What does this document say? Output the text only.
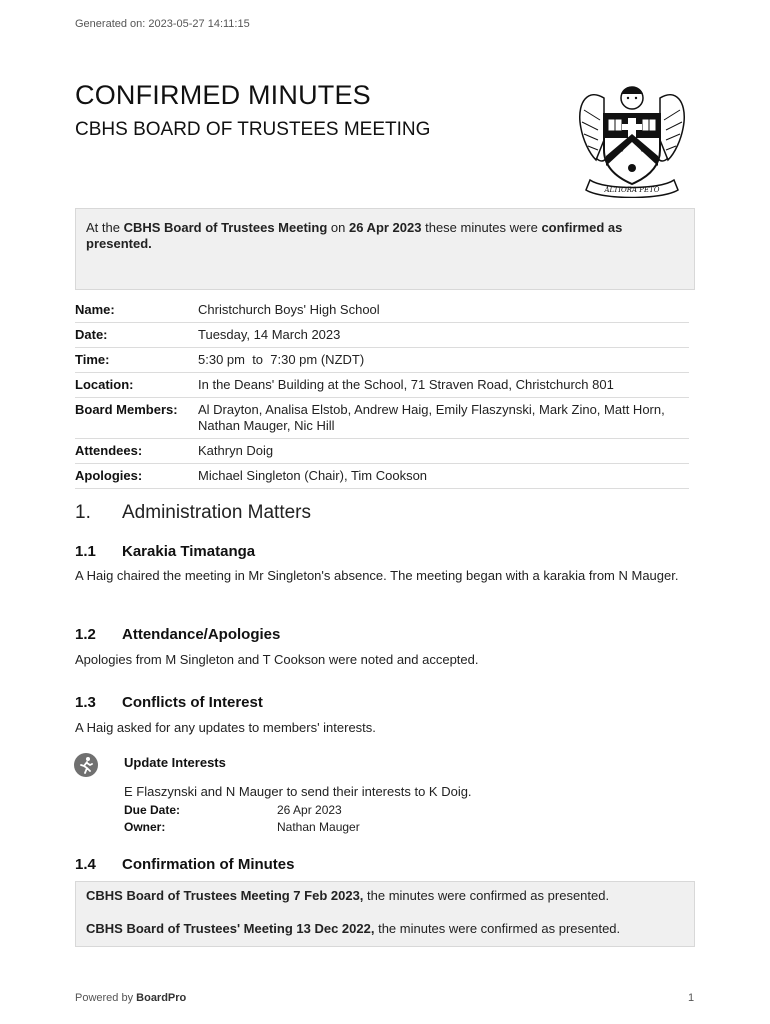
Generated on: 2023-05-27 14:11:15
CONFIRMED MINUTES
CBHS BOARD OF TRUSTEES MEETING
ALTIORA PETO
At the CBHS Board of Trustees Meeting on 26 Apr 2023 these minutes were confirmed as presented.
Name:	Christchurch Boys' High School
Date:	Tuesday, 14 March 2023
Time:	5:30 pm  to  7:30 pm (NZDT)
Location:	In the Deans' Building at the School, 71 Straven Road, Christchurch 801
Board Members:	Al Drayton, Analisa Elstob, Andrew Haig, Emily Flaszynski, Mark Zino, Matt Horn, Nathan Mauger, Nic Hill
Attendees:	Kathryn Doig
Apologies:	Michael Singleton (Chair), Tim Cookson
1. Administration Matters
1.1 Karakia Timatanga
A Haig chaired the meeting in Mr Singleton's absence. The meeting began with a karakia from N Mauger.
1.2 Attendance/Apologies
Apologies from M Singleton and T Cookson were noted and accepted.
1.3 Conflicts of Interest
A Haig asked for any updates to members' interests.
Update Interests
E Flaszynski and N Mauger to send their interests to K Doig.
Due Date:	26 Apr 2023
Owner:	Nathan Mauger
1.4 Confirmation of Minutes

CBHS Board of Trustees Meeting 7 Feb 2023, the minutes were confirmed as presented.

CBHS Board of Trustees' Meeting 13 Dec 2022, the minutes were confirmed as presented.

Powered by BoardPro	1
